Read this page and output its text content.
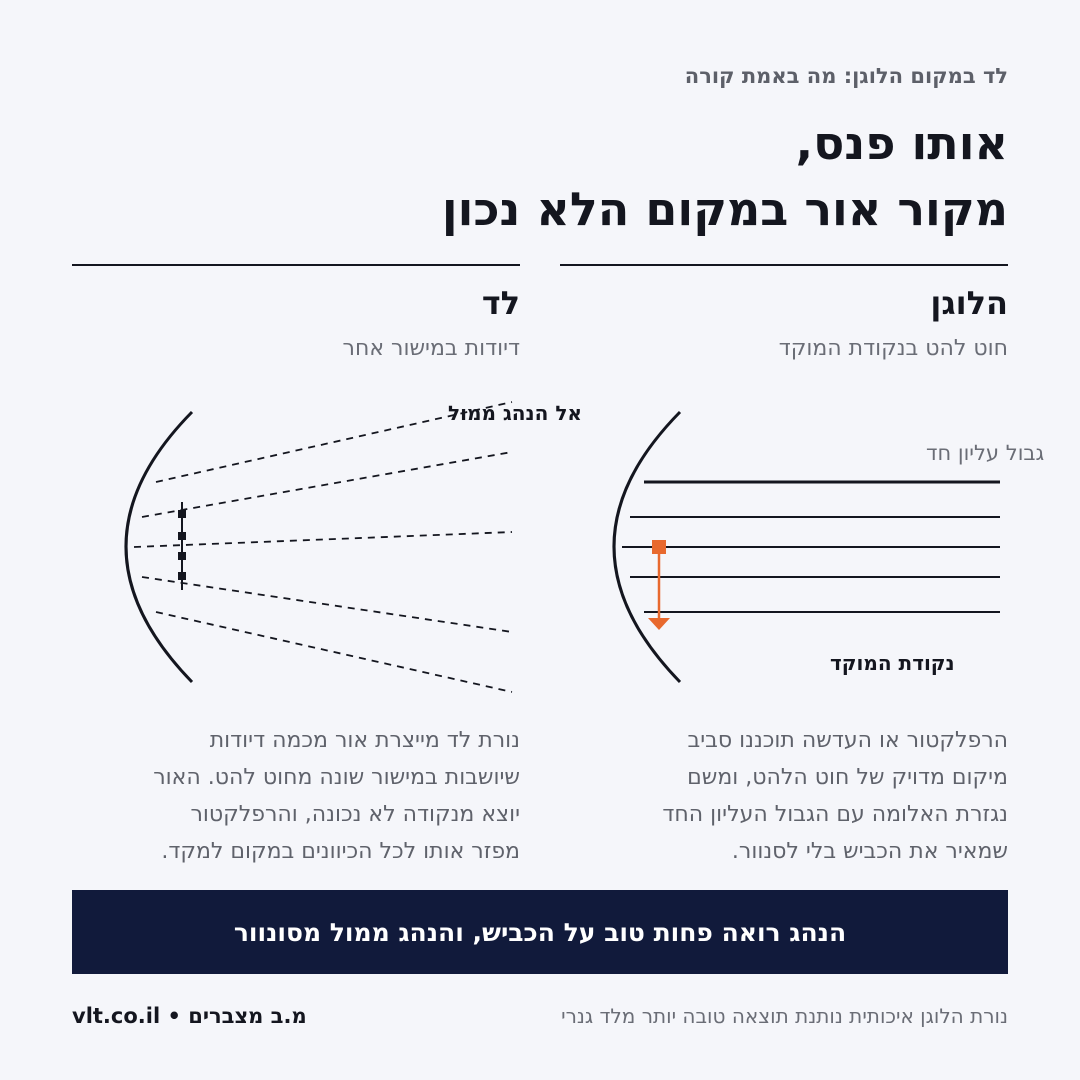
לד במקום הלוגן: מה באמת קורה
אותו פנס,
מקור אור במקום הלא נכון
הלוגן
חוט להט בנקודת המוקד
גבול עליון חד
נקודת המוקד
הרפלקטור או העדשה תוכננו סביב
מיקום מדויק של חוט הלהט, ומשם
נגזרת האלומה עם הגבול העליון החד
שמאיר את הכביש בלי לסנוור.
לד
דיודות במישור אחר
אל הנהג ממול
נורת לד מייצרת אור מכמה דיודות
שיושבות במישור שונה מחוט להט. האור
יוצא מנקודה לא נכונה, והרפלקטור
מפזר אותו לכל הכיוונים במקום למקד.
הנהג רואה פחות טוב על הכביש, והנהג ממול מסונוור
נורת הלוגן איכותית נותנת תוצאה טובה יותר מלד גנרי
מ.ב מצברים • vlt.co.il
